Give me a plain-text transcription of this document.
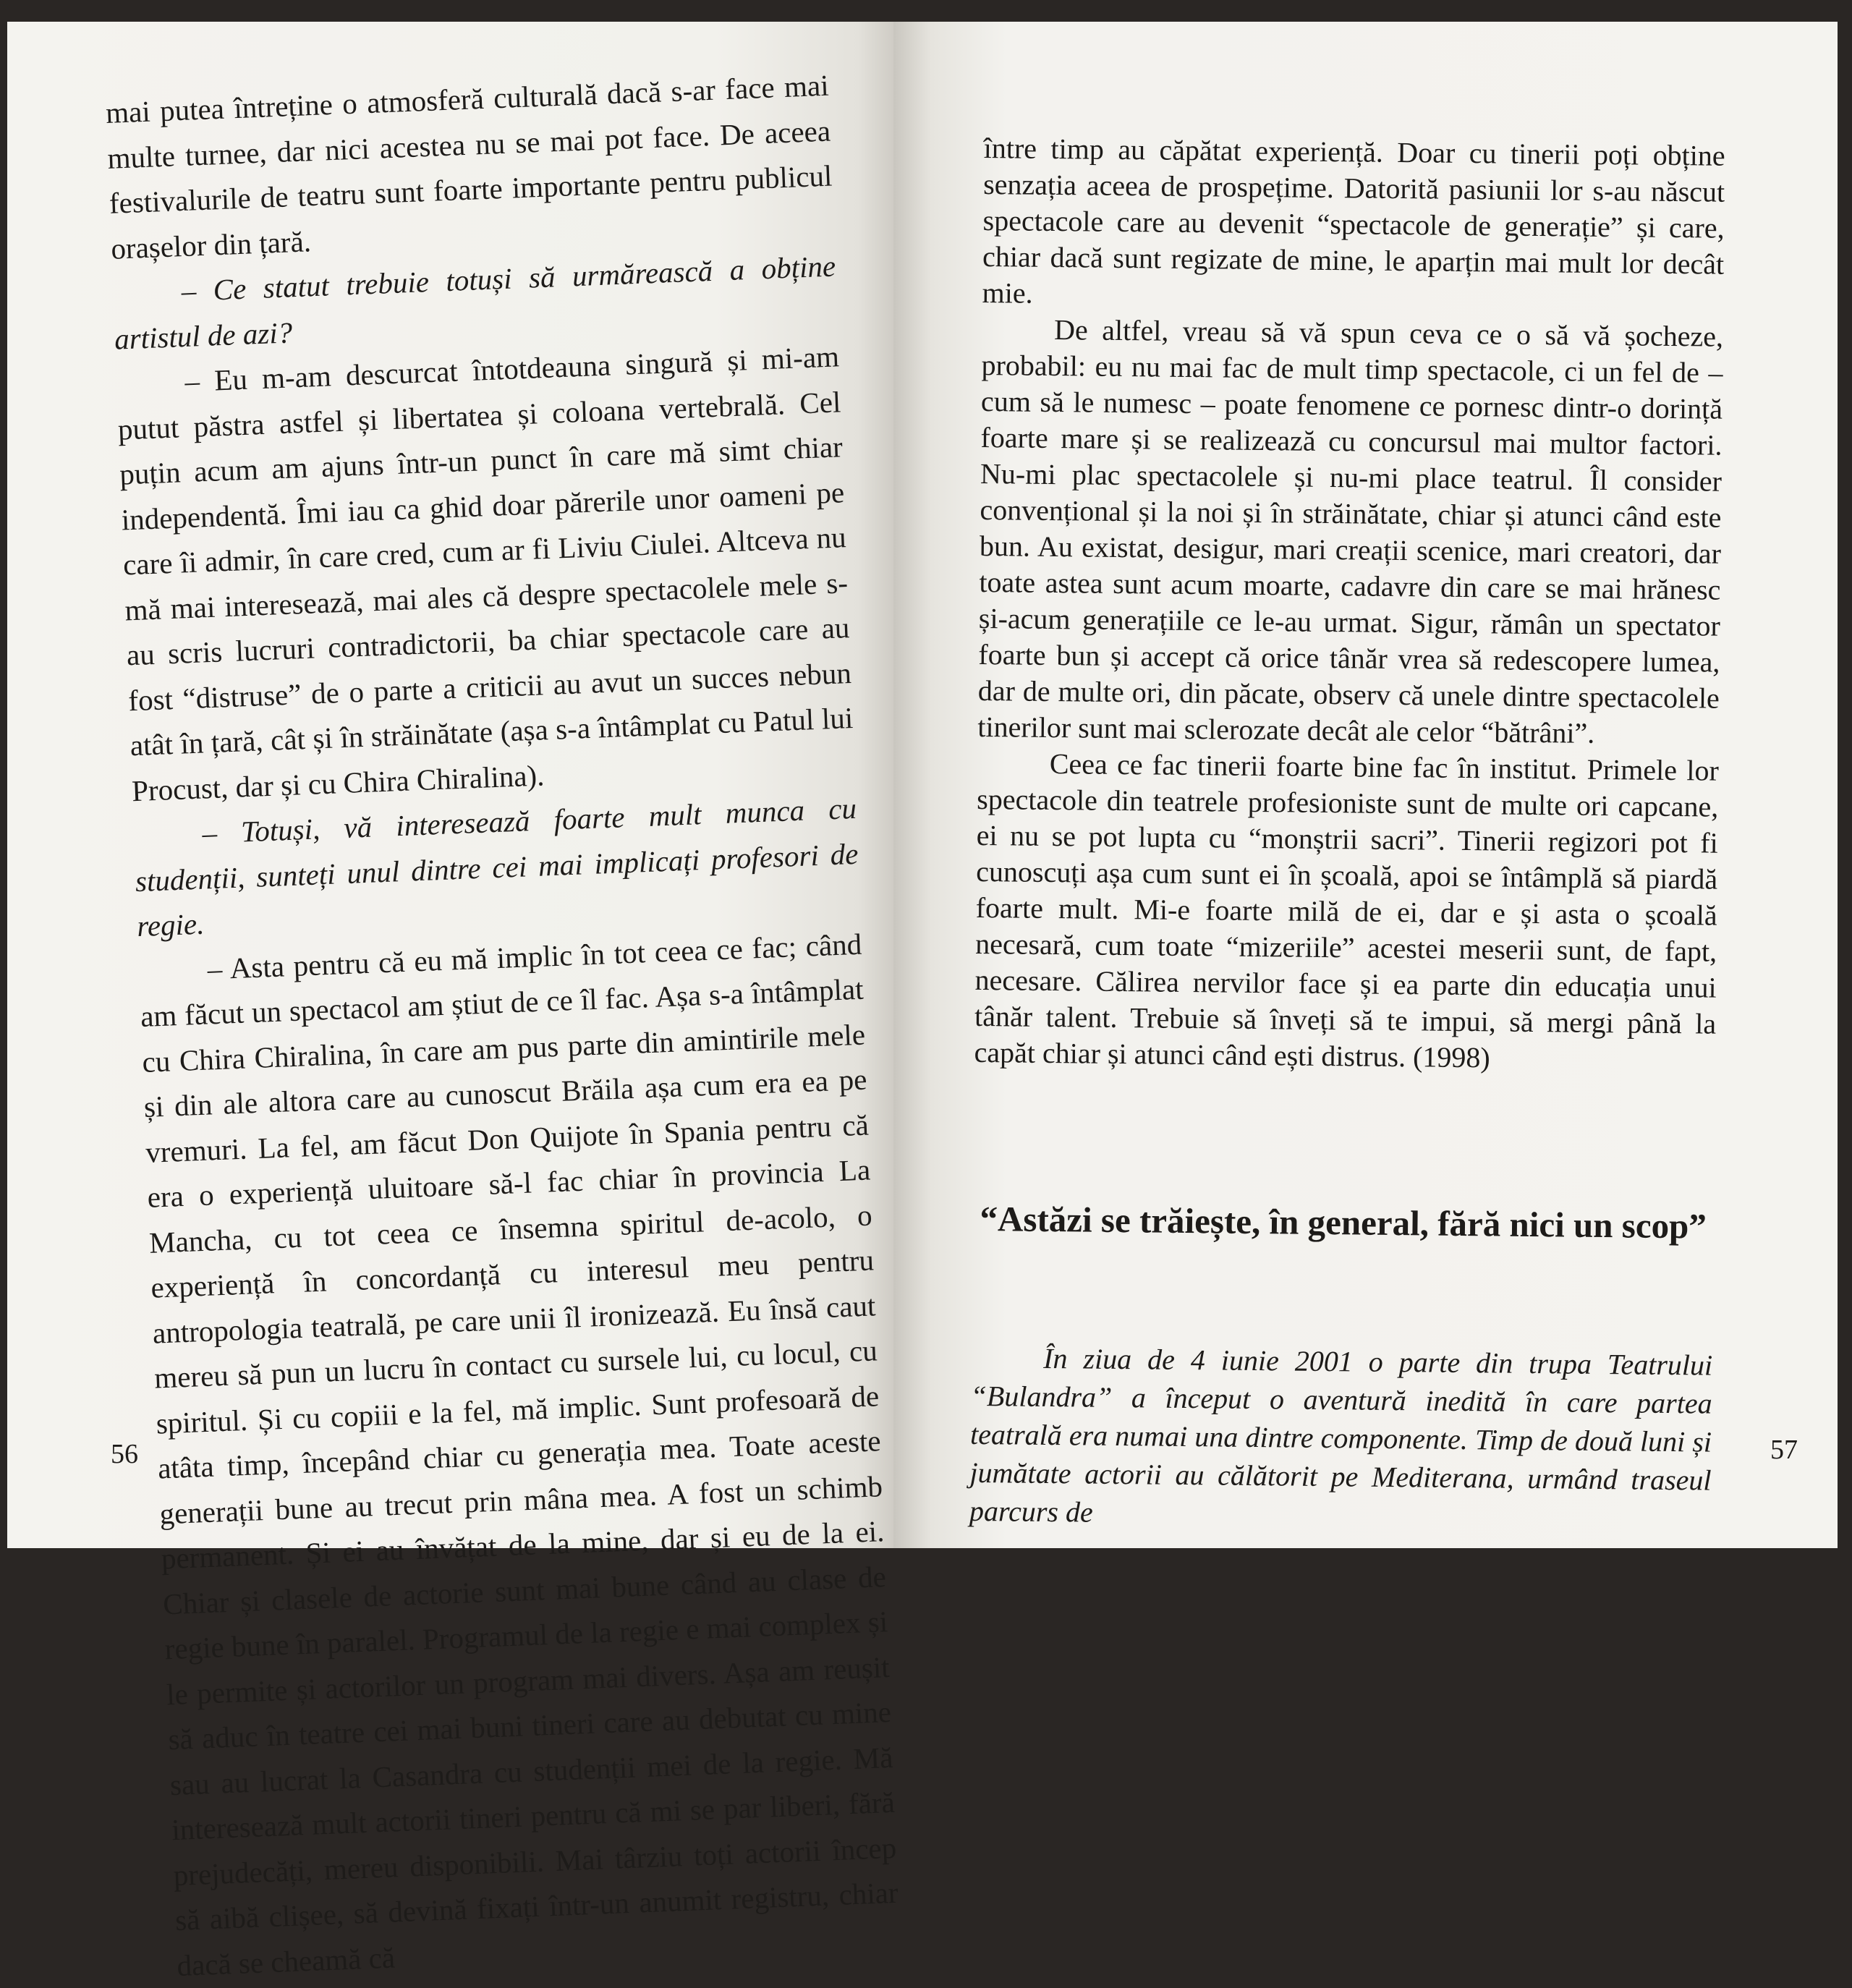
mai putea întreține o atmosferă culturală dacă s-ar face mai multe turnee, dar nici acestea nu se mai pot face. De aceea festivalurile de teatru sunt foarte importante pentru publicul orașelor din țară.

– Ce statut trebuie totuși să urmărească a obține artistul de azi?

– Eu m-am descurcat întotdeauna singură și mi-am putut păstra astfel și libertatea și coloana vertebrală. Cel puțin acum am ajuns într-un punct în care mă simt chiar independentă. Îmi iau ca ghid doar părerile unor oameni pe care îi admir, în care cred, cum ar fi Liviu Ciulei. Altceva nu mă mai interesează, mai ales că despre spectacolele mele s-au scris lucruri contradictorii, ba chiar spectacole care au fost “distruse” de o parte a criticii au avut un succes nebun atât în țară, cât și în străinătate (așa s-a întâmplat cu Patul lui Procust, dar și cu Chira Chiralina).

– Totuși, vă interesează foarte mult munca cu studenții, sunteți unul dintre cei mai implicați profesori de regie.

– Asta pentru că eu mă implic în tot ceea ce fac; când am făcut un spectacol am știut de ce îl fac. Așa s-a întâmplat cu Chira Chiralina, în care am pus parte din amintirile mele și din ale altora care au cunoscut Brăila așa cum era ea pe vremuri. La fel, am făcut Don Quijote în Spania pentru că era o experiență uluitoare să-l fac chiar în provincia La Mancha, cu tot ceea ce însemna spiritul de-acolo, o experiență în concordanță cu interesul meu pentru antropologia teatrală, pe care unii îl ironizează. Eu însă caut mereu să pun un lucru în contact cu sursele lui, cu locul, cu spiritul. Și cu copiii e la fel, mă implic. Sunt profesoară de atâta timp, începând chiar cu generația mea. Toate aceste generații bune au trecut prin mâna mea. A fost un schimb permanent. Și ei au învățat de la mine, dar și eu de la ei. Chiar și clasele de actorie sunt mai bune când au clase de regie bune în paralel. Programul de la regie e mai complex și le permite și actorilor un program mai divers. Așa am reușit să aduc în teatre cei mai buni tineri care au debutat cu mine sau au lucrat la Casandra cu studenții mei de la regie. Mă interesează mult actorii tineri pentru că mi se par liberi, fără prejudecăți, mereu disponibili. Mai târziu toți actorii încep să aibă clișee, să devină fixați într-un anumit registru, chiar dacă se cheamă că

56

între timp au căpătat experiență. Doar cu tinerii poți obține senzația aceea de prospețime. Datorită pasiunii lor s-au născut spectacole care au devenit “spectacole de generație” și care, chiar dacă sunt regizate de mine, le aparțin mai mult lor decât mie.

De altfel, vreau să vă spun ceva ce o să vă șocheze, probabil: eu nu mai fac de mult timp spectacole, ci un fel de – cum să le numesc – poate fenomene ce pornesc dintr-o dorință foarte mare și se realizează cu concursul mai multor factori. Nu-mi plac spectacolele și nu-mi place teatrul. Îl consider convențional și la noi și în străinătate, chiar și atunci când este bun. Au existat, desigur, mari creații scenice, mari creatori, dar toate astea sunt acum moarte, cadavre din care se mai hrănesc și-acum generațiile ce le-au urmat. Sigur, rămân un spectator foarte bun și accept că orice tânăr vrea să redescopere lumea, dar de multe ori, din păcate, observ că unele dintre spectacolele tinerilor sunt mai sclerozate decât ale celor “bătrâni”.

Ceea ce fac tinerii foarte bine fac în institut. Primele lor spectacole din teatrele profesioniste sunt de multe ori capcane, ei nu se pot lupta cu “monștrii sacri”. Tinerii regizori pot fi cunoscuți așa cum sunt ei în școală, apoi se întâmplă să piardă foarte mult. Mi-e foarte milă de ei, dar e și asta o școală necesară, cum toate “mizeriile” acestei meserii sunt, de fapt, necesare. Călirea nervilor face și ea parte din educația unui tânăr talent. Trebuie să înveți să te impui, să mergi până la capăt chiar și atunci când ești distrus. (1998)

“Astăzi se trăiește, în general, fără nici un scop”

În ziua de 4 iunie 2001 o parte din trupa Teatrului “Bulandra” a început o aventură inedită în care partea teatrală era numai una dintre componente. Timp de două luni și jumătate actorii au călătorit pe Mediterana, urmând traseul parcurs de

57
